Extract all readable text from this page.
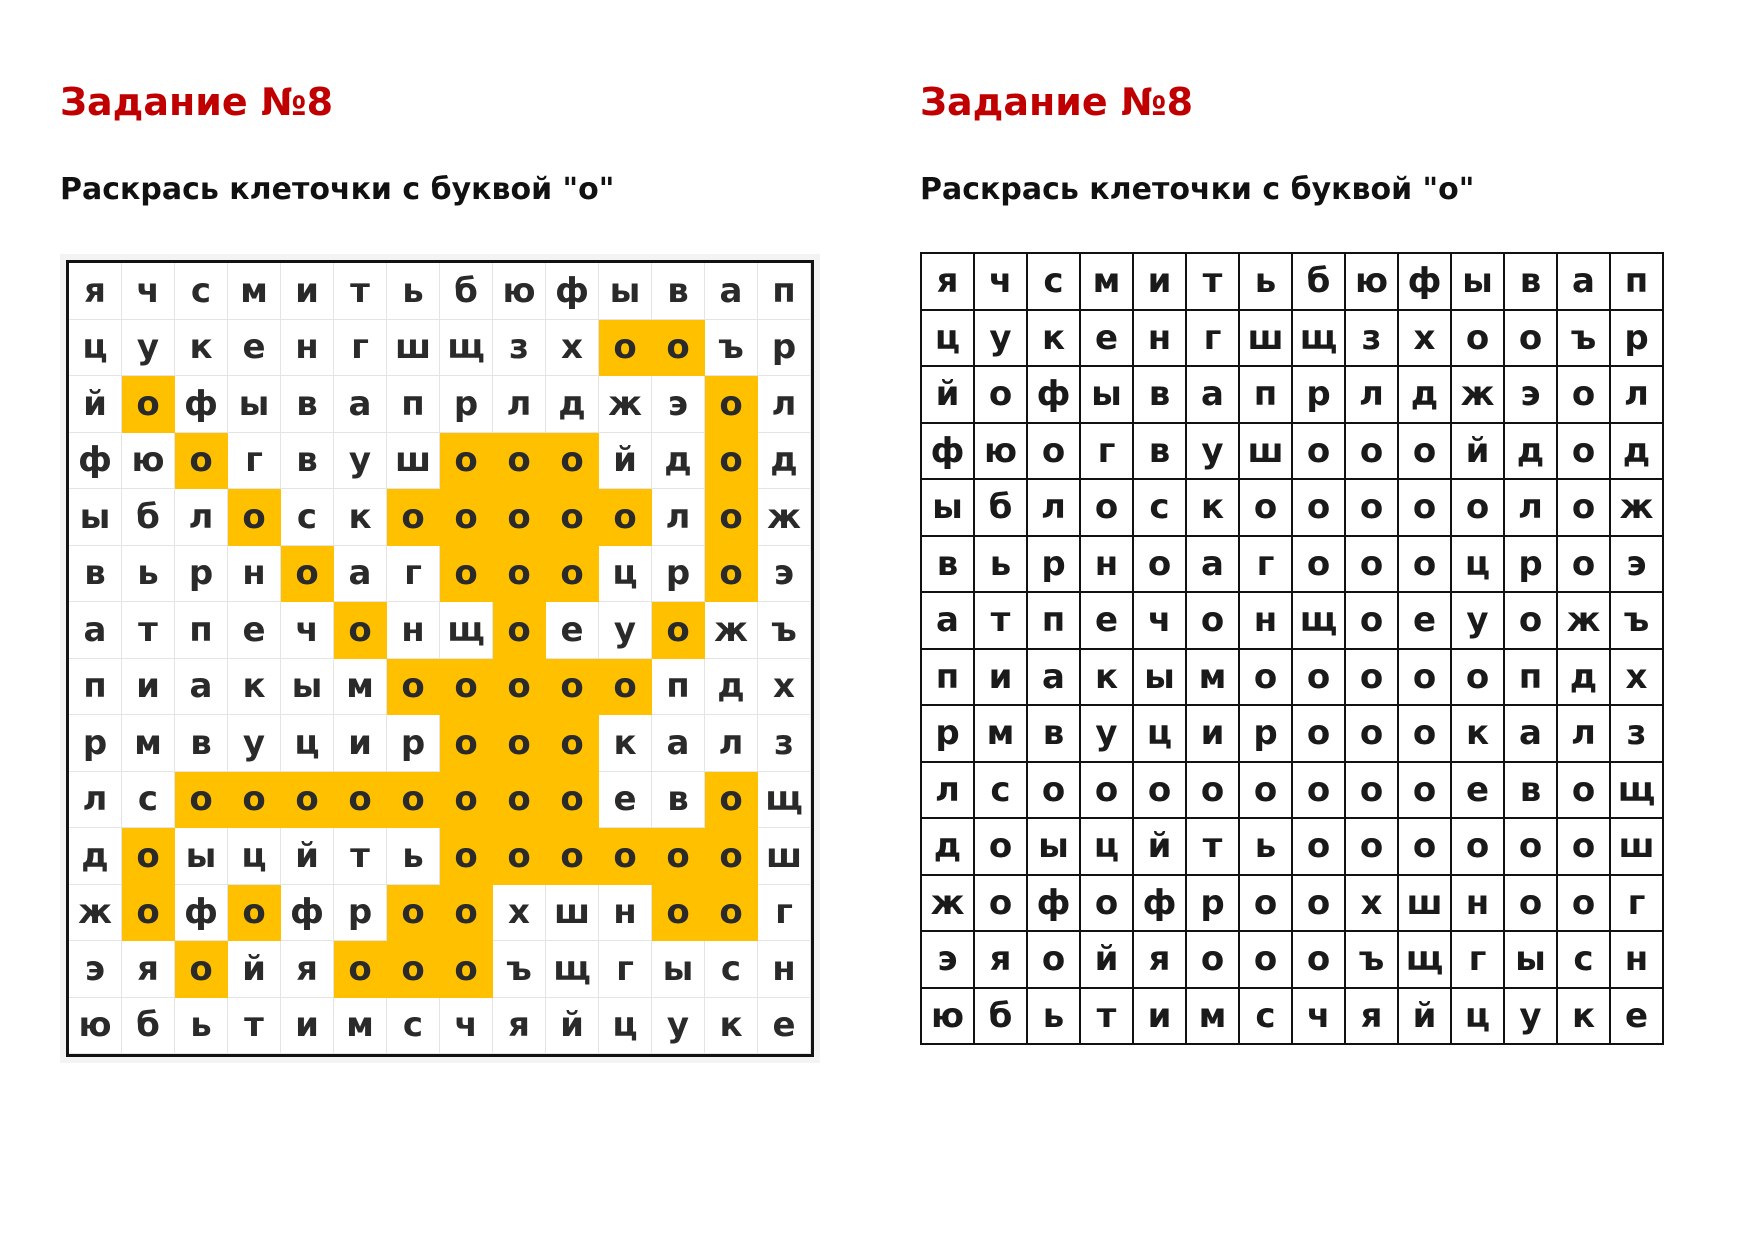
Задание №8

Раскрась клеточки с буквой "о"

я ч с м и т ь б ю ф ы в а п
ц у к е н г ш щ з х о о ъ р
й о ф ы в а п р л д ж э о л
ф ю о г в у ш о о о й д о д
ы б л о с к о о о о о л о ж
в ь р н о а г о о о ц р о э
а т п е ч о н щ о е у о ж ъ
п и а к ы м о о о о о п д х
р м в у ц и р о о о к а л з
л с о о о о о о о о е в о щ
д о ы ц й т ь о о о о о о ш
ж о ф о ф р о о х ш н о о г
э я о й я о о о ъ щ г ы с н
ю б ь т и м с ч я й ц у к е
Задание №8

Раскрась клеточки с буквой "о"

я ч с м и т ь б ю ф ы в а п
ц у к е н г ш щ з х о о ъ р
й о ф ы в а п р л д ж э о л
ф ю о г в у ш о о о й д о д
ы б л о с к о о о о о л о ж
в ь р н о а г о о о ц р о э
а т п е ч о н щ о е у о ж ъ
п и а к ы м о о о о о п д х
р м в у ц и р о о о к а л з
л с о о о о о о о о е в о щ
д о ы ц й т ь о о о о о о ш
ж о ф о ф р о о х ш н о о г
э я о й я о о о ъ щ г ы с н
ю б ь т и м с ч я й ц у к е
